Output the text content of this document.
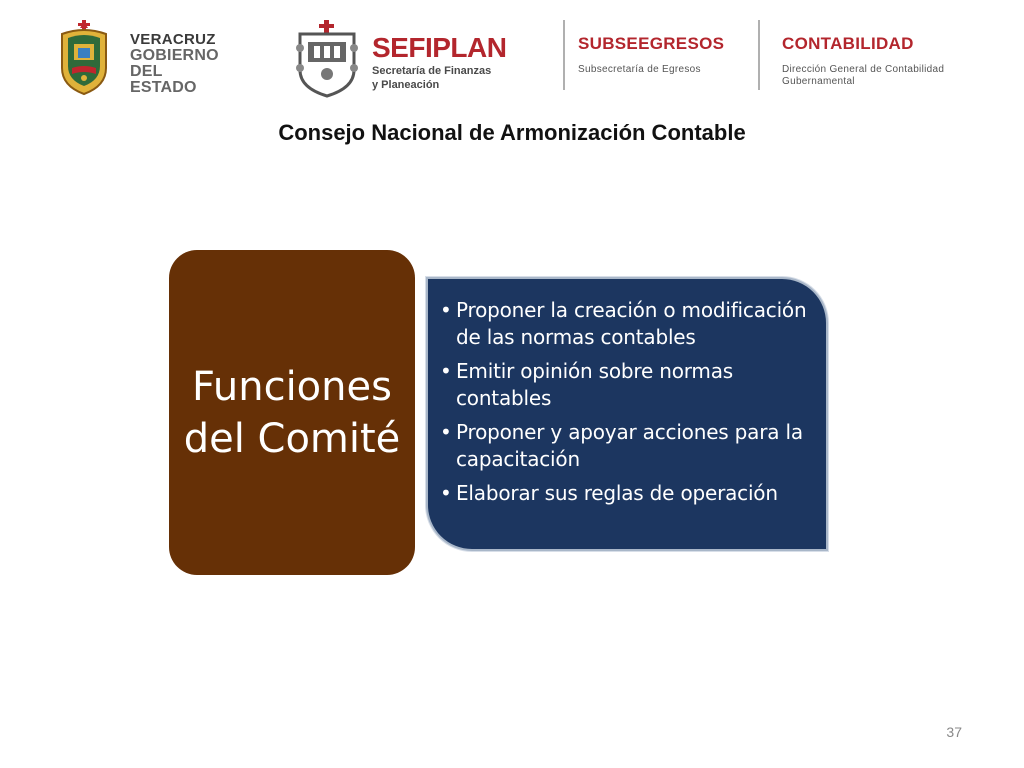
VERACRUZ
GOBIERNO
DEL ESTADO
SEFIPLAN
Secretaría de Finanzas
y Planeación
SUBSEEGRESOS
Subsecretaría de Egresos
CONTABILIDAD
Dirección General de Contabilidad
Gubernamental
Consejo Nacional de Armonización Contable
• Proponer la creación o modificación de las normas contables
• Emitir opinión sobre normas contables
• Proponer y apoyar acciones para la capacitación
• Elaborar sus reglas de operación
Funciones del Comité
37
